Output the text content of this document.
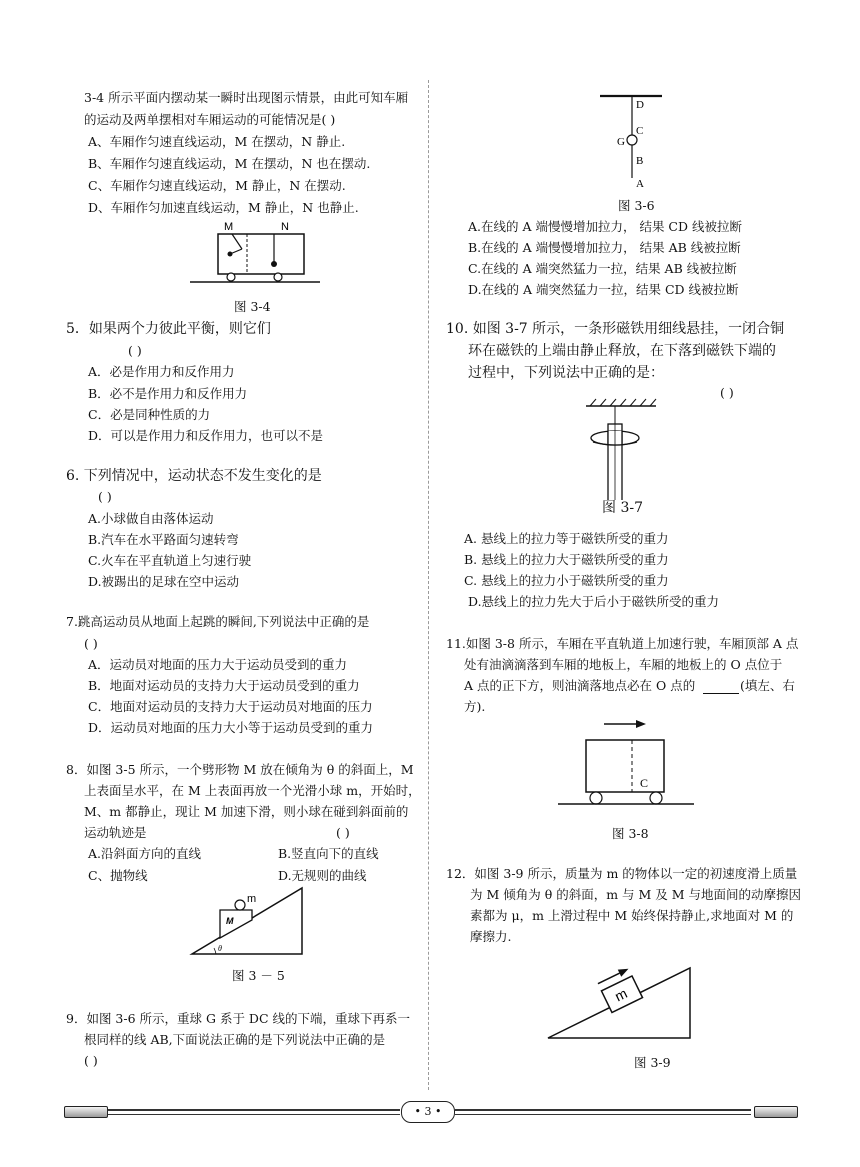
3-4 所示平面内摆动某一瞬时出现图示情景，由此可知车厢
的运动及两单摆相对车厢运动的可能情况是( )
A、车厢作匀速直线运动，M 在摆动，N 静止.
B、车厢作匀速直线运动，M 在摆动，N 也在摆动.
C、车厢作匀速直线运动，M 静止，N 在摆动.
D、车厢作匀加速直线运动，M 静止，N 也静止.
M	N
图 3-4
5．如果两个力彼此平衡，则它们
( )
A．必是作用力和反作用力
B．必不是作用力和反作用力
C．必是同种性质的力
D．可以是作用力和反作用力，也可以不是
6. 下列情况中，运动状态不发生变化的是
( )
A.小球做自由落体运动
B.汽车在水平路面匀速转弯
C.火车在平直轨道上匀速行驶
D.被踢出的足球在空中运动
7.跳高运动员从地面上起跳的瞬间,下列说法中正确的是
( )
A．运动员对地面的压力大于运动员受到的重力
B．地面对运动员的支持力大于运动员受到的重力
C．地面对运动员的支持力大于运动员对地面的压力
D．运动员对地面的压力大小等于运动员受到的重力
8．如图 3-5 所示，一个劈形物 M 放在倾角为 θ 的斜面上，M
上表面呈水平，在 M 上表面再放一个光滑小球 m，开始时，
M、m 都静止，现让 M 加速下滑，则小球在碰到斜面前的
运动轨迹是	( )
A.沿斜面方向的直线	B.竖直向下的直线
C、抛物线	D.无规则的曲线
m
M
θ
图 3 － 5
9．如图 3-6 所示，重球 G 系于 DC 线的下端，重球下再系一
根同样的线 AB,下面说法正确的是下列说法中正确的是
( )
D
C
G
B
A
图 3-6
A.在线的 A 端慢慢增加拉力， 结果 CD 线被拉断
B.在线的 A 端慢慢增加拉力， 结果 AB 线被拉断
C.在线的 A 端突然猛力一拉，结果 AB 线被拉断
D.在线的 A 端突然猛力一拉，结果 CD 线被拉断
10. 如图 3-7 所示，一条形磁铁用细线悬挂，一闭合铜
环在磁铁的上端由静止释放，在下落到磁铁下端的
过程中，下列说法中正确的是：
( )
图 3-7
A. 悬线上的拉力等于磁铁所受的重力
B. 悬线上的拉力大于磁铁所受的重力
C. 悬线上的拉力小于磁铁所受的重力
D.悬线上的拉力先大于后小于磁铁所受的重力
11.如图 3-8 所示，车厢在平直轨道上加速行驶，车厢顶部 A 点
处有油滴滴落到车厢的地板上，车厢的地板上的 O 点位于
A 点的正下方，则油滴落地点必在 O 点的	(填左、右
方).
C
图 3-8
12．如图 3-9 所示，质量为 m 的物体以一定的初速度滑上质量
为 M 倾角为 θ 的斜面，m 与 M 及 M 与地面间的动摩擦因
素都为 μ，m 上滑过程中 M 始终保持静止,求地面对 M 的
摩擦力.
m
图 3-9
• 3 •
